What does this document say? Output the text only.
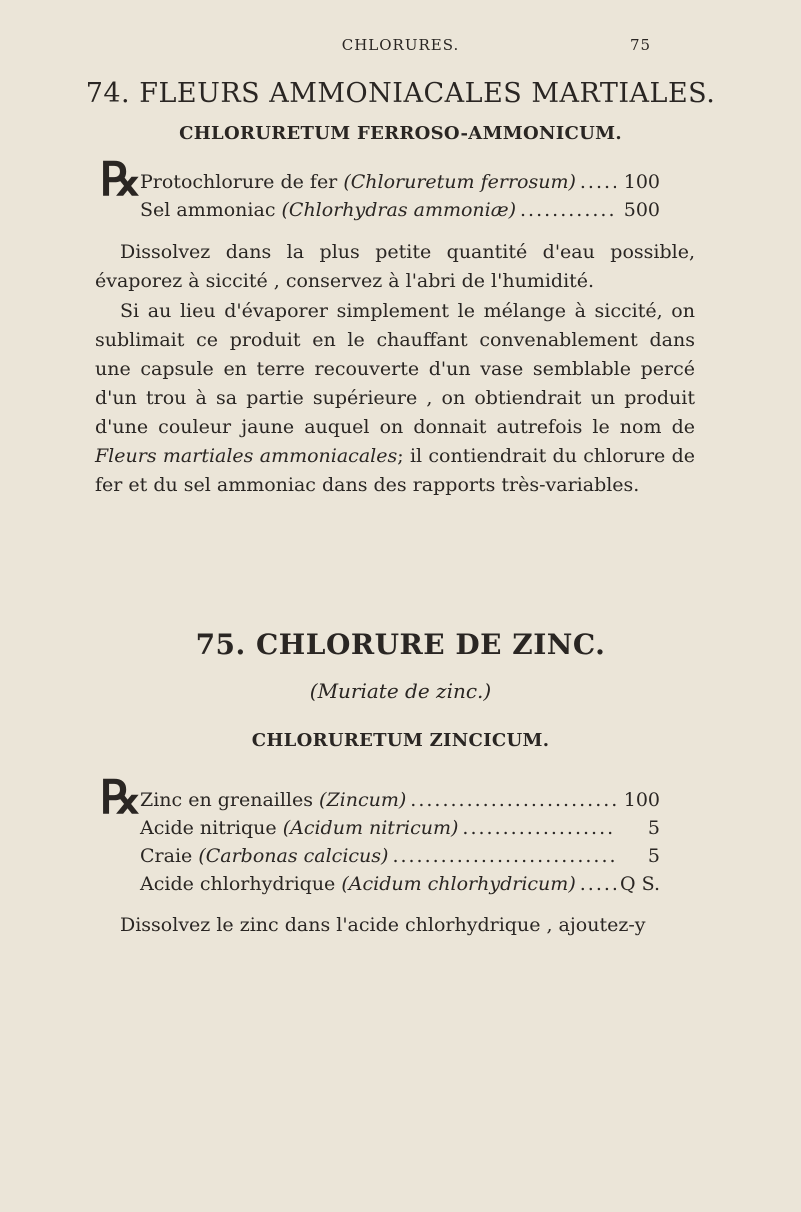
CHLORURES.	75
74. FLEURS AMMONIACALES MARTIALES.
CHLORURETUM FERROSO-AMMONICUM.
℞
Protochlorure de fer (Chloruretum ferrosum) .....	100
Sel ammoniac (Chlorhydras ammoniæ) .....	500
Dissolvez dans la plus petite quantité d'eau possible, évaporez à siccité , conservez à l'abri de l'humidité.
Si au lieu d'évaporer simplement le mélange à siccité, on sublimait ce produit en le chauffant convenablement dans une capsule en terre recouverte d'un vase semblable percé d'un trou à sa partie supérieure , on obtiendrait un produit d'une couleur jaune auquel on donnait autrefois le nom de Fleurs martiales ammoniacales; il contiendrait du chlorure de fer et du sel ammoniac dans des rapports très-variables.
75. CHLORURE DE ZINC.
(Muriate de zinc.)
CHLORURETUM ZINCICUM.
℞
Zinc en grenailles (Zincum) .....	100
Acide nitrique (Acidum nitricum) .....	5
Craie (Carbonas calcicus) .....	5
Acide chlorhydrique (Acidum chlorhydricum) ..... Q S.
Dissolvez le zinc dans l'acide chlorhydrique , ajoutez-y
